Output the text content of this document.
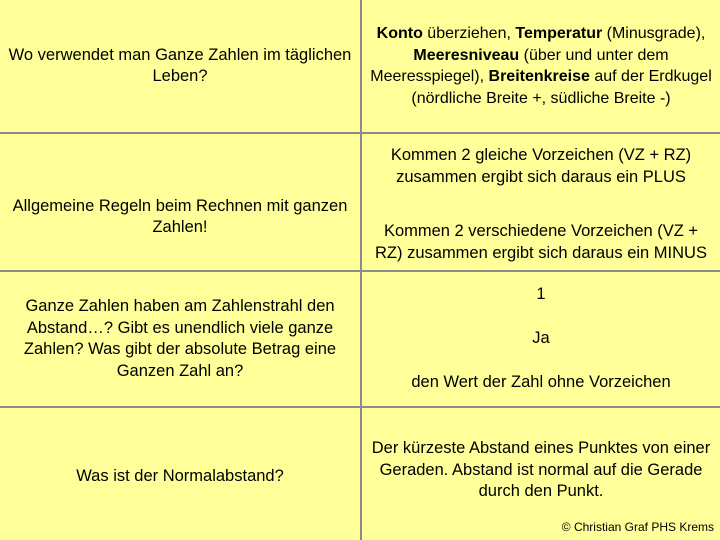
Wo verwendet man Ganze Zahlen im täglichen Leben?
Konto überziehen, Temperatur (Minusgrade), Meeresniveau (über und unter dem Meeresspiegel), Breitenkreise auf der Erdkugel (nördliche Breite +, südliche Breite -)
Allgemeine Regeln beim Rechnen mit ganzen Zahlen!
Kommen 2 gleiche Vorzeichen (VZ + RZ) zusammen ergibt sich daraus ein PLUS
Kommen 2 verschiedene Vorzeichen (VZ + RZ) zusammen ergibt sich daraus ein MINUS
Ganze Zahlen haben am Zahlenstrahl den Abstand…? Gibt es unendlich viele ganze Zahlen? Was gibt der absolute Betrag eine Ganzen Zahl an?
1
Ja
den Wert der Zahl ohne Vorzeichen
Was ist der Normalabstand?
Der kürzeste Abstand eines Punktes von einer Geraden. Abstand ist normal auf die Gerade durch den Punkt.
© Christian Graf PHS Krems
